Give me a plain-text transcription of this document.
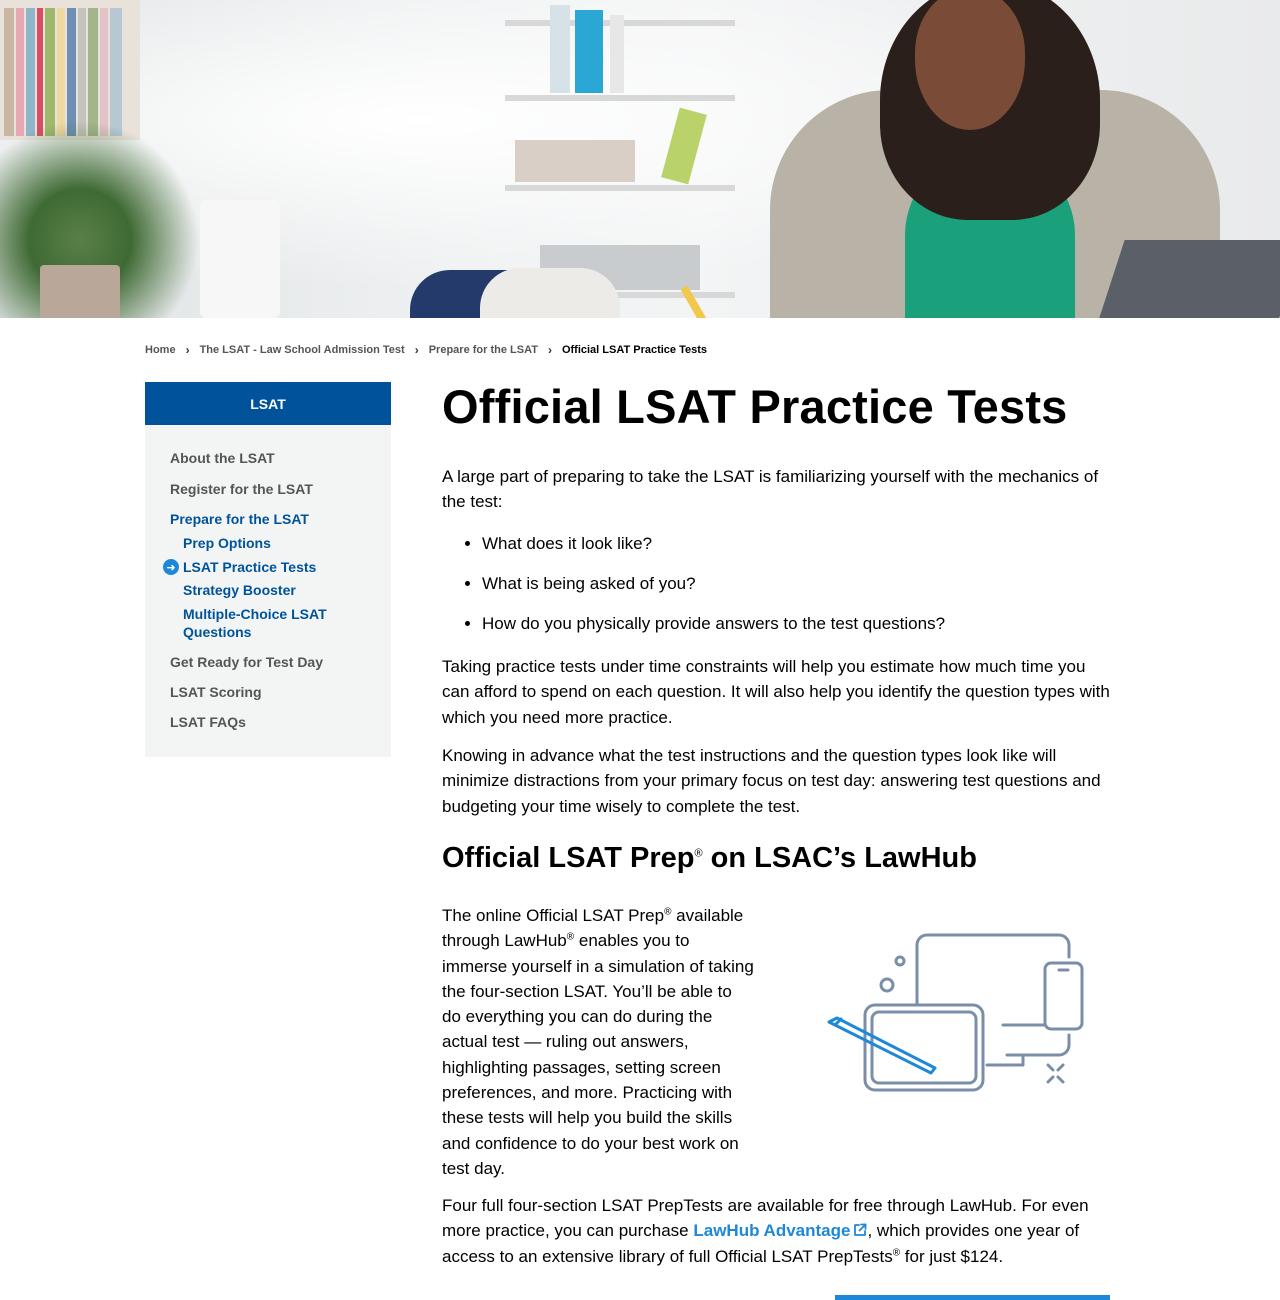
Home › The LSAT - Law School Admission Test › Prepare for the LSAT › Official LSAT Practice Tests
LSAT
About the LSAT
Register for the LSAT
Prepare for the LSAT
Prep Options
LSAT Practice Tests
Strategy Booster
Multiple-Choice LSAT Questions
Get Ready for Test Day
LSAT Scoring
LSAT FAQs
➜
Official LSAT Practice Tests

A large part of preparing to take the LSAT is familiarizing yourself with the mechanics of the test:

• What does it look like?
• What is being asked of you?
• How do you physically provide answers to the test questions?

Taking practice tests under time constraints will help you estimate how much time you can afford to spend on each question. It will also help you identify the question types with which you need more practice.

Knowing in advance what the test instructions and the question types look like will minimize distractions from your primary focus on test day: answering test questions and budgeting your time wisely to complete the test.

Official LSAT Prep® on LSAC’s LawHub

The online Official LSAT Prep® available through LawHub® enables you to immerse yourself in a simulation of taking the four-section LSAT. You’ll be able to do everything you can do during the actual test — ruling out answers, highlighting passages, setting screen preferences, and more. Practicing with these tests will help you build the skills and confidence to do your best work on test day.

Four full four-section LSAT PrepTests are available for free through LawHub. For even more practice, you can purchase LawHub Advantage , which provides one year of access to an extensive library of full Official LSAT PrepTests® for just $124.
